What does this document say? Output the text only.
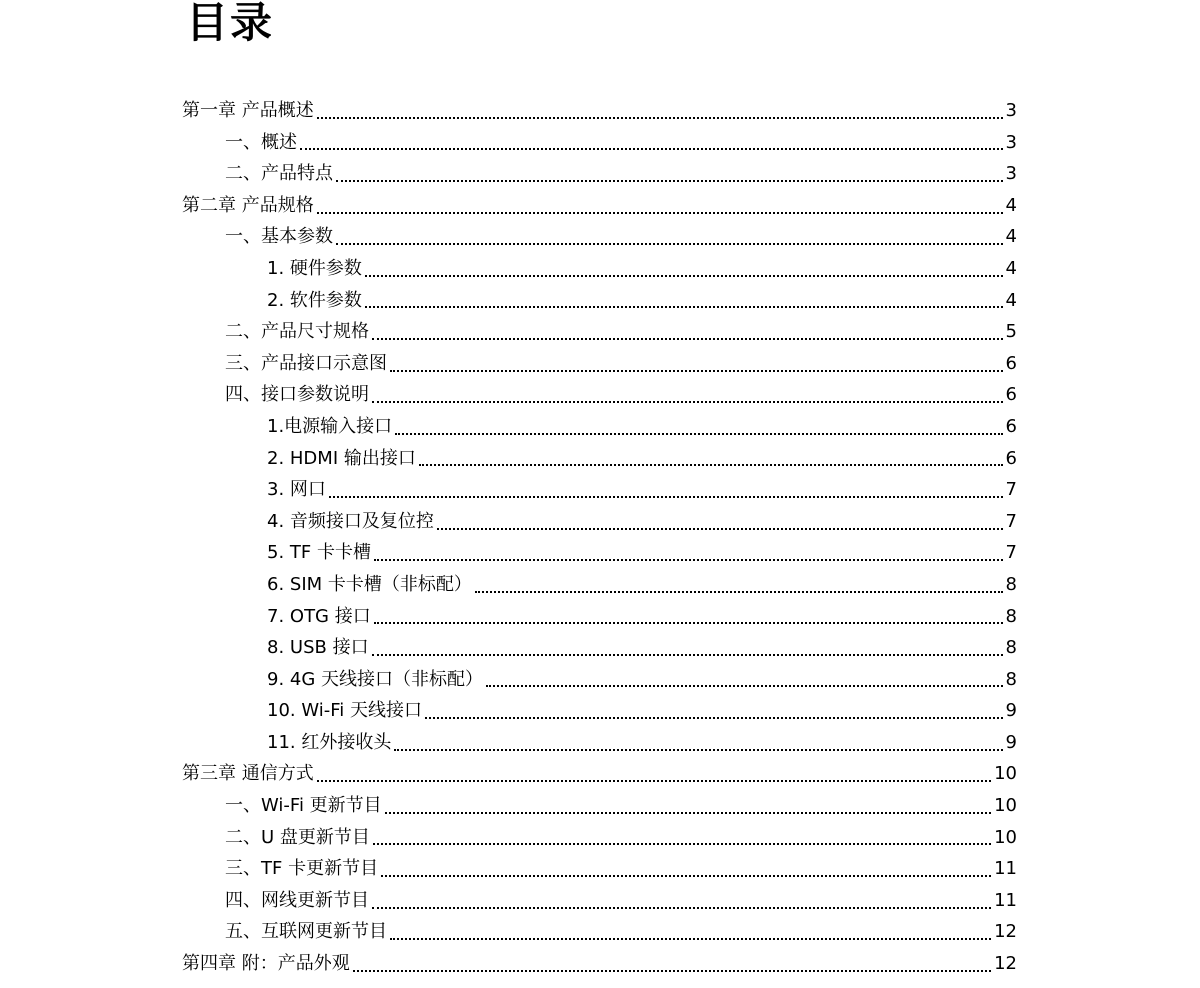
目录
第一章 产品概述	3
一、概述	3
二、产品特点	3
第二章 产品规格	4
一、基本参数	4
1. 硬件参数	4
2. 软件参数	4
二、产品尺寸规格	5
三、产品接口示意图	6
四、接口参数说明	6
1.电源输入接口	6
2. HDMI 输出接口	6
3. 网口	7
4. 音频接口及复位控	7
5. TF 卡卡槽	7
6. SIM 卡卡槽（非标配）	8
7. OTG 接口	8
8. USB 接口	8
9. 4G 天线接口（非标配）	8
10. Wi-Fi 天线接口	9
11. 红外接收头	9
第三章 通信方式	10
一、Wi-Fi 更新节目	10
二、U 盘更新节目	10
三、TF 卡更新节目	11
四、网线更新节目	11
五、互联网更新节目	12
第四章 附：产品外观	12
